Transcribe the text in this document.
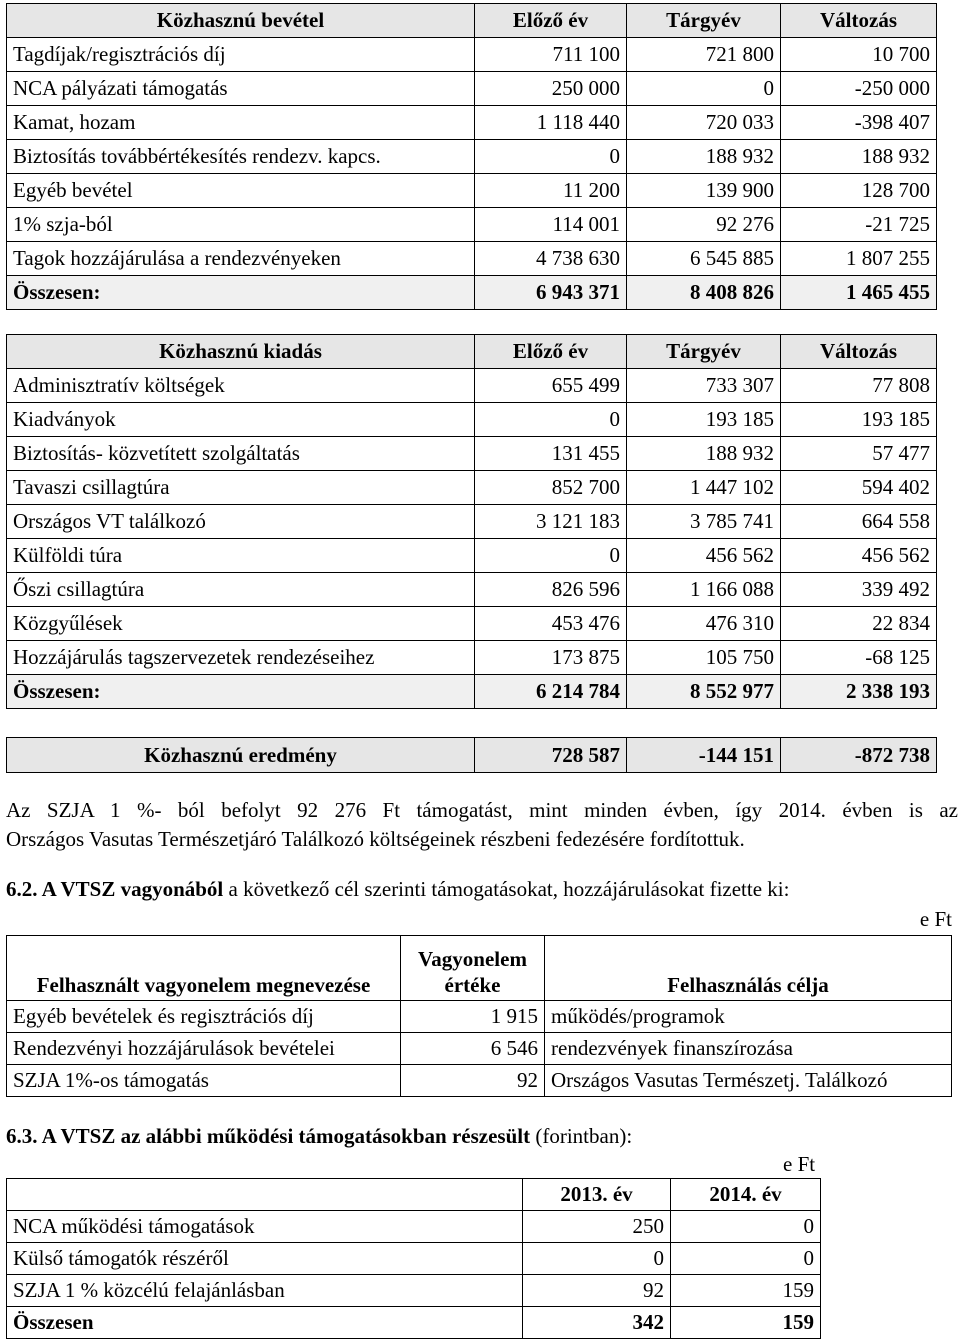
Közhasznú bevétel	Előző év	Tárgyév	Változás
Tagdíjak/regisztrációs díj	711 100	721 800	10 700
NCA pályázati támogatás	250 000	0	-250 000
Kamat, hozam	1 118 440	720 033	-398 407
Biztosítás továbbértékesítés rendezv. kapcs.	0	188 932	188 932
Egyéb bevétel	11 200	139 900	128 700
1% szja-ból	114 001	92 276	-21 725
Tagok hozzájárulása a rendezvényeken	4 738 630	6 545 885	1 807 255
Összesen:	6 943 371	8 408 826	1 465 455
Közhasznú kiadás	Előző év	Tárgyév	Változás
Adminisztratív költségek	655 499	733 307	77 808
Kiadványok	0	193 185	193 185
Biztosítás- közvetített szolgáltatás	131 455	188 932	57 477
Tavaszi csillagtúra	852 700	1 447 102	594 402
Országos VT találkozó	3 121 183	3 785 741	664 558
Külföldi túra	0	456 562	456 562
Őszi csillagtúra	826 596	1 166 088	339 492
Közgyűlések	453 476	476 310	22 834
Hozzájárulás tagszervezetek rendezéseihez	173 875	105 750	-68 125
Összesen:	6 214 784	8 552 977	2 338 193
Közhasznú eredmény	728 587	-144 151	-872 738
Az SZJA 1 %- ból befolyt 92 276 Ft támogatást, mint minden évben, így 2014. évben is az
Országos Vasutas Természetjáró Találkozó költségeinek részbeni fedezésére fordítottuk.
6.2. A VTSZ vagyonából a következő cél szerinti támogatásokat, hozzájárulásokat fizette ki:
e Ft
Felhasznált vagyonelem megnevezése	Vagyonelem értéke	Felhasználás célja
Egyéb bevételek és regisztrációs díj	1 915	működés/programok
Rendezvényi hozzájárulások bevételei	6 546	rendezvények finanszírozása
SZJA 1%-os támogatás	92	Országos Vasutas Természetj. Találkozó
6.3. A VTSZ az alábbi működési támogatásokban részesült (forintban):
e Ft
	2013. év	2014. év
NCA működési támogatások	250	0
Külső támogatók részéről	0	0
SZJA 1 % közcélú felajánlásban	92	159
Összesen	342	159
